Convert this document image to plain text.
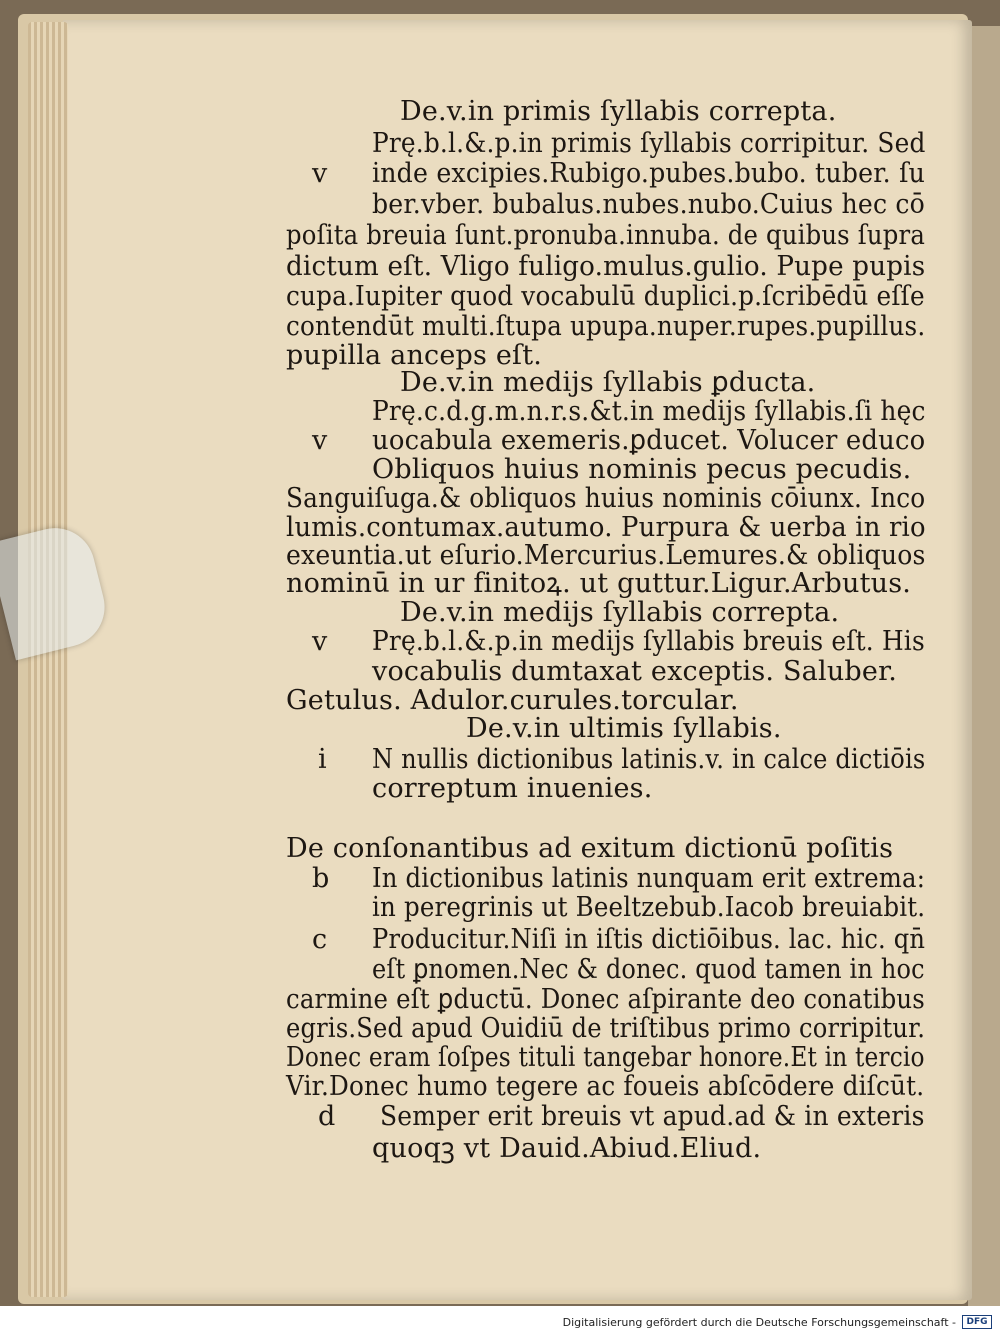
De.v.in primis ſyllabis correpta.
Prę.b.l.&.p.in primis ſyllabis corripitur. Sed
v inde excipies.Rubigo.pubes.bubo. tuber. ſu
ber.vber. bubalus.nubes.nubo.Cuius hec cō
poſita breuia ſunt.pronuba.innuba. de quibus ſupra
dictum eſt. Vligo fuligo.mulus.gulio. Pupe pupis
cupa.Iupiter quod vocabulū duplici.p.ſcribēdū eſſe
contendūt multi.ſtupa upupa.nuper.rupes.pupillus.
pupilla anceps eſt.
De.v.in medijs ſyllabis ꝑducta.
Prę.c.d.g.m.n.r.s.&t.in medijs ſyllabis.ſi hęc
v uocabula exemeris.ꝑducet. Volucer educo
Obliquos huius nominis pecus pecudis.
Sanguiſuga.& obliquos huius nominis cōiunx. Inco
lumis.contumax.autumo. Purpura & uerba in rio
exeuntia.ut eſurio.Mercurius.Lemures.& obliquos
nominū in ur finitoꝝ. ut guttur.Ligur.Arbutus.
De.v.in medijs ſyllabis correpta.
v Prę.b.l.&.p.in medijs ſyllabis breuis eſt. His
vocabulis dumtaxat exceptis. Saluber.
Getulus. Adulor.curules.torcular.
De.v.in ultimis ſyllabis.
i N nullis dictionibus latinis.v. in calce dictiōis
correptum inuenies.
De conſonantibus ad exitum dictionū poſitis
b In dictionibus latinis nunquam erit extrema:
in peregrinis ut Beeltzebub.Iacob breuiabit.
c Producitur.Niſi in iſtis dictiōibus. lac. hic. qn̄
eſt ꝑnomen.Nec & donec. quod tamen in hoc
carmine eſt ꝑductū. Donec aſpirante deo conatibus
egris.Sed apud Ouidiū de triſtibus primo corripitur.
Donec eram ſoſpes tituli tangebar honore.Et in tercio
Vir.Donec humo tegere ac foueis abſcōdere diſcūt.
d Semper erit breuis vt apud.ad & in exteris
quoqꝫ vt Dauid.Abiud.Eliud.
Digitalisierung gefördert durch die Deutsche Forschungsgemeinschaft -	DFG
